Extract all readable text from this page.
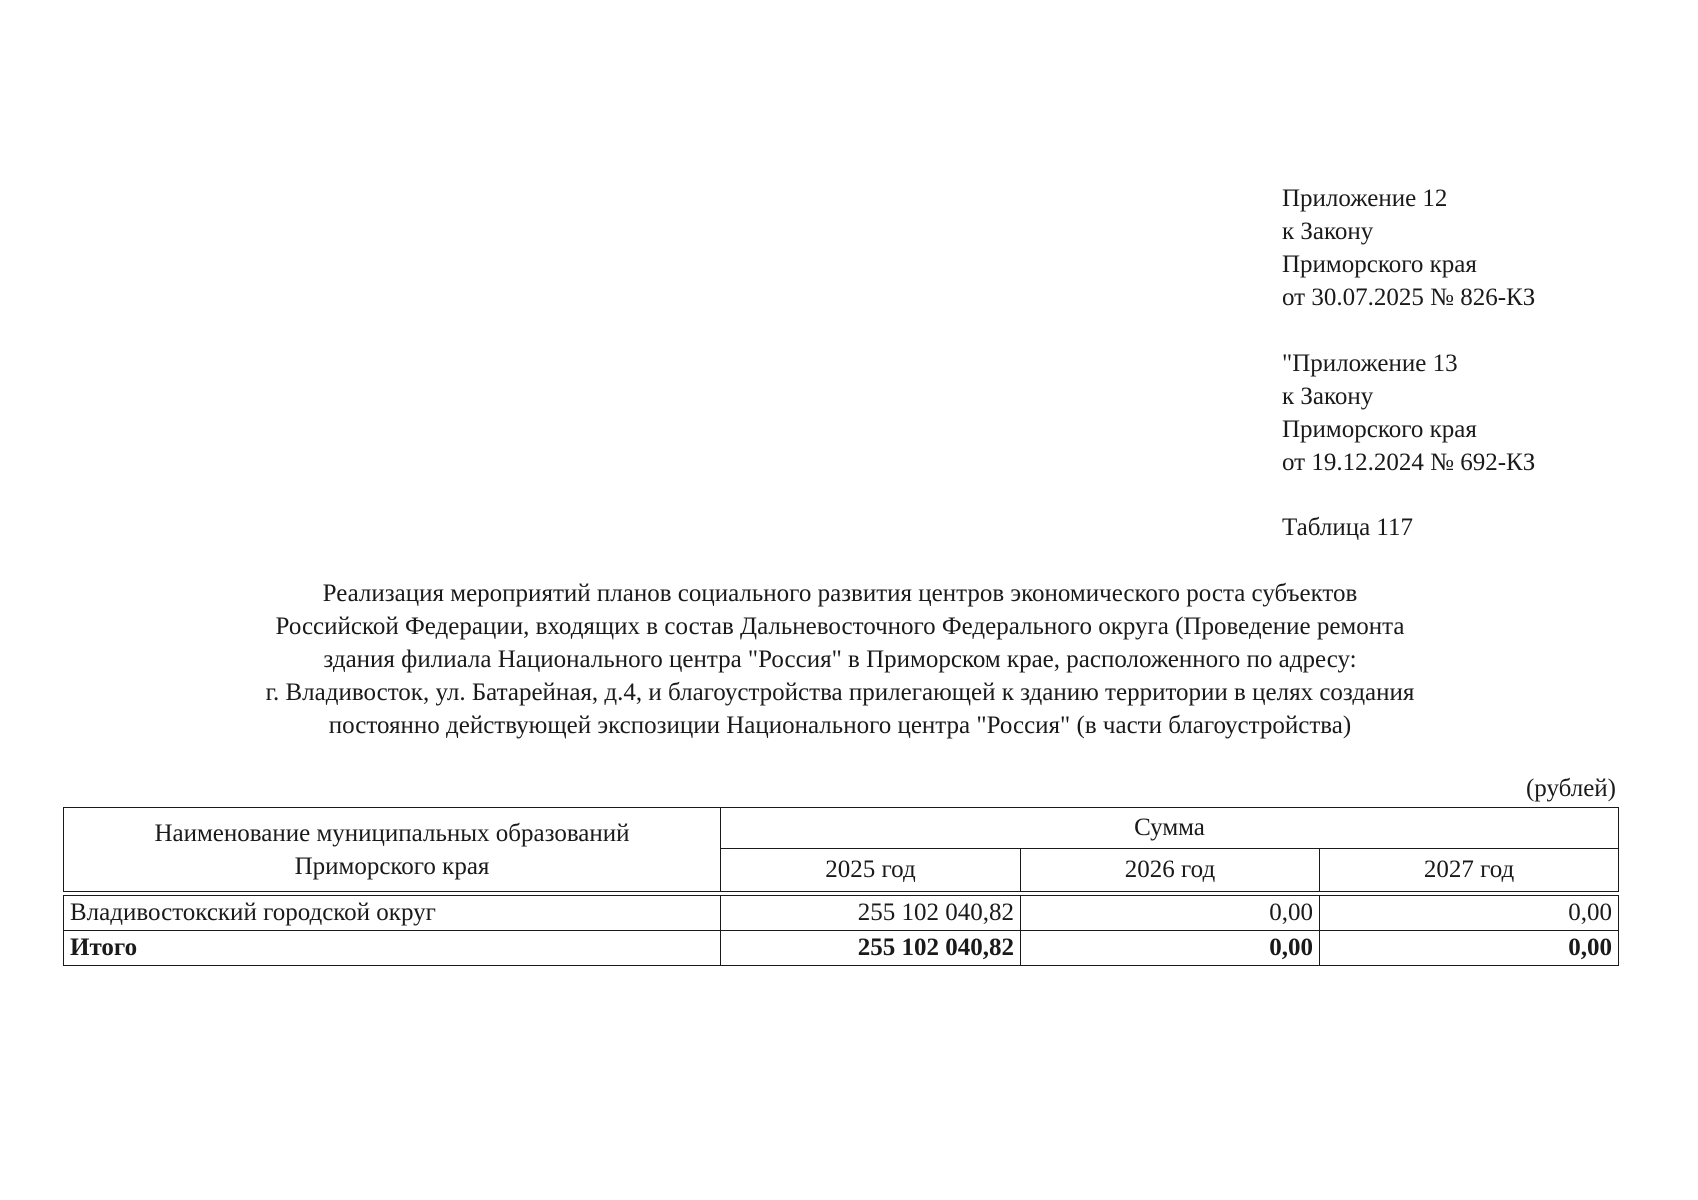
Приложение 12
к Закону
Приморского края
от 30.07.2025 № 826-КЗ
"Приложение 13
к Закону
Приморского края
от 19.12.2024 № 692-КЗ
Таблица 117
Реализация мероприятий планов социального развития центров экономического роста субъектов
Российской Федерации, входящих в состав Дальневосточного Федерального округа (Проведение ремонта
здания филиала Национального центра "Россия" в Приморском крае, расположенного по адресу:
г. Владивосток, ул. Батарейная, д.4, и благоустройства прилегающей к зданию территории в целях создания
постоянно действующей экспозиции Национального центра "Россия" (в части благоустройства)
(рублей)
Наименование муниципальных образований
Приморского края	Сумма		
	2025 год	2026 год	2027 год

Владивостокский городской округ	255 102 040,82	0,00	0,00
Итого	255 102 040,82	0,00	0,00
